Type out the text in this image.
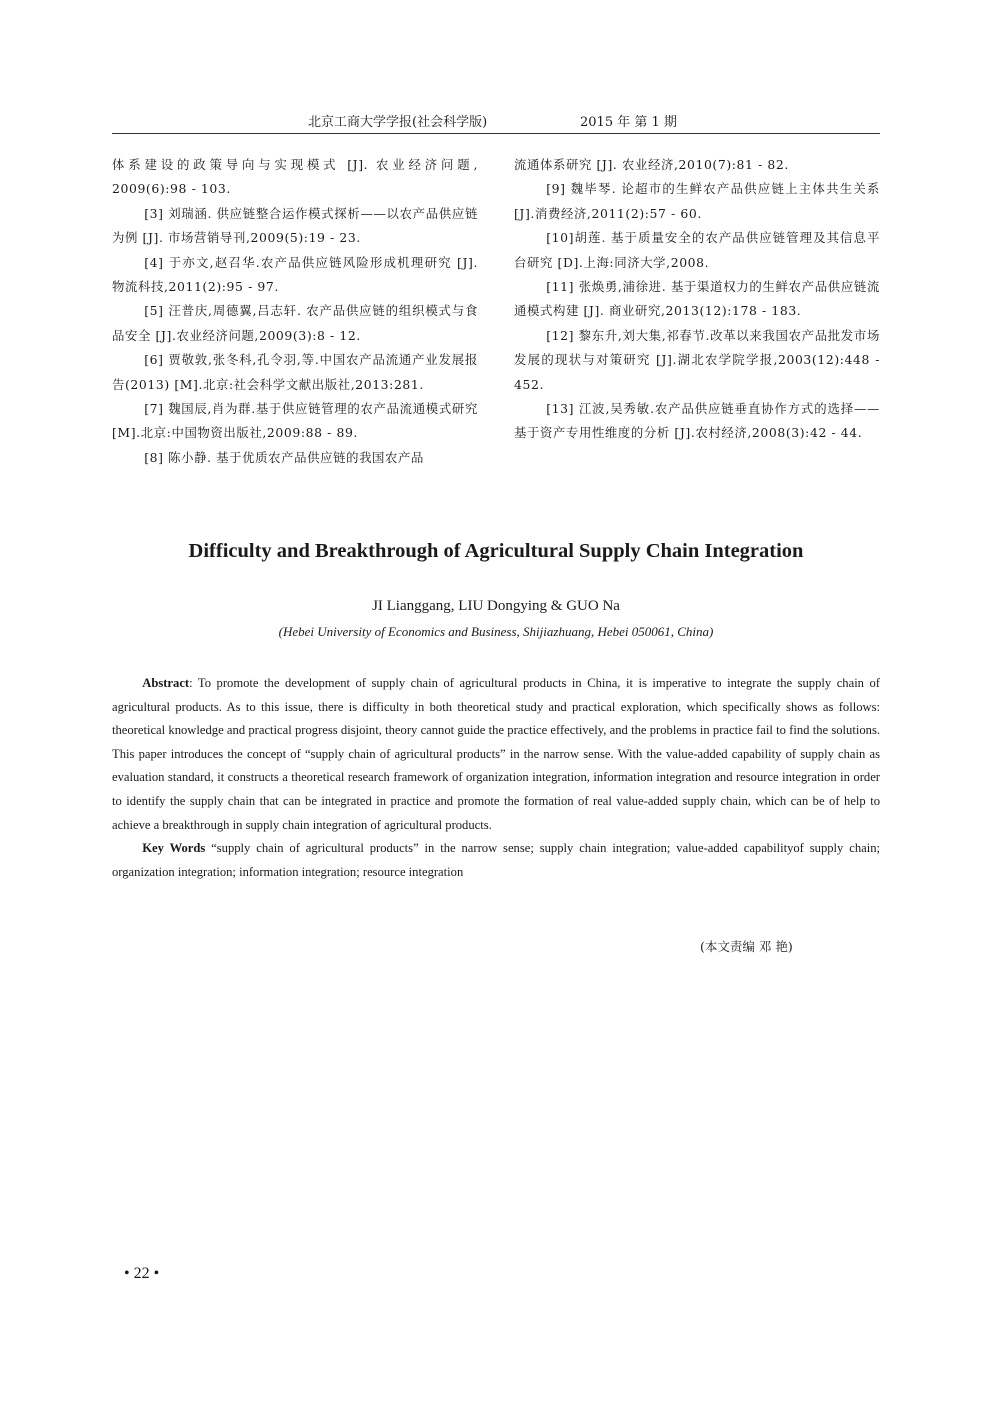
北京工商大学学报(社会科学版)	2015 年 第 1 期

体系建设的政策导向与实现模式 [J]. 农业经济问题, 2009(6):98 - 103.

[3] 刘瑞涵. 供应链整合运作模式探析——以农产品供应链为例 [J]. 市场营销导刊,2009(5):19 - 23.

[4] 于亦文,赵召华.农产品供应链风险形成机理研究 [J]. 物流科技,2011(2):95 - 97.

[5] 汪普庆,周德翼,吕志轩. 农产品供应链的组织模式与食品安全 [J].农业经济问题,2009(3):8 - 12.

[6] 贾敬敦,张冬科,孔令羽,等.中国农产品流通产业发展报告(2013) [M].北京:社会科学文献出版社,2013:281.

[7] 魏国辰,肖为群.基于供应链管理的农产品流通模式研究[M].北京:中国物资出版社,2009:88 - 89.

[8] 陈小静. 基于优质农产品供应链的我国农产品

流通体系研究 [J]. 农业经济,2010(7):81 - 82.

[9] 魏毕琴. 论超市的生鲜农产品供应链上主体共生关系 [J].消费经济,2011(2):57 - 60.

[10]胡莲. 基于质量安全的农产品供应链管理及其信息平台研究 [D].上海:同济大学,2008.

[11] 张焕勇,浦徐进. 基于渠道权力的生鲜农产品供应链流通模式构建 [J]. 商业研究,2013(12):178 - 183.

[12] 黎东升,刘大集,祁春节.改革以来我国农产品批发市场发展的现状与对策研究 [J].湖北农学院学报,2003(12):448 - 452.

[13] 江波,吴秀敏.农产品供应链垂直协作方式的选择——基于资产专用性维度的分析 [J].农村经济,2008(3):42 - 44.

Difficulty and Breakthrough of Agricultural Supply Chain Integration
JI Lianggang, LIU Dongying & GUO Na
(Hebei University of Economics and Business, Shijiazhuang, Hebei 050061, China)

Abstract: To promote the development of supply chain of agricultural products in China, it is imperative to integrate the supply chain of agricultural products. As to this issue, there is difficulty in both theoretical study and practical exploration, which specifically shows as follows: theoretical knowledge and practical progress disjoint, theory cannot guide the practice effectively, and the problems in practice fail to find the solutions. This paper introduces the concept of “supply chain of agricultural products” in the narrow sense. With the value-added capability of supply chain as evaluation standard, it constructs a theoretical research framework of organization integration, information integration and resource integration in order to identify the supply chain that can be integrated in practice and promote the formation of real value-added supply chain, which can be of help to achieve a breakthrough in supply chain integration of agricultural products.

Key Words “supply chain of agricultural products” in the narrow sense; supply chain integration; value-added capabilityof supply chain; organization integration; information integration; resource integration

(本文责编 邓 艳)
• 22 •
